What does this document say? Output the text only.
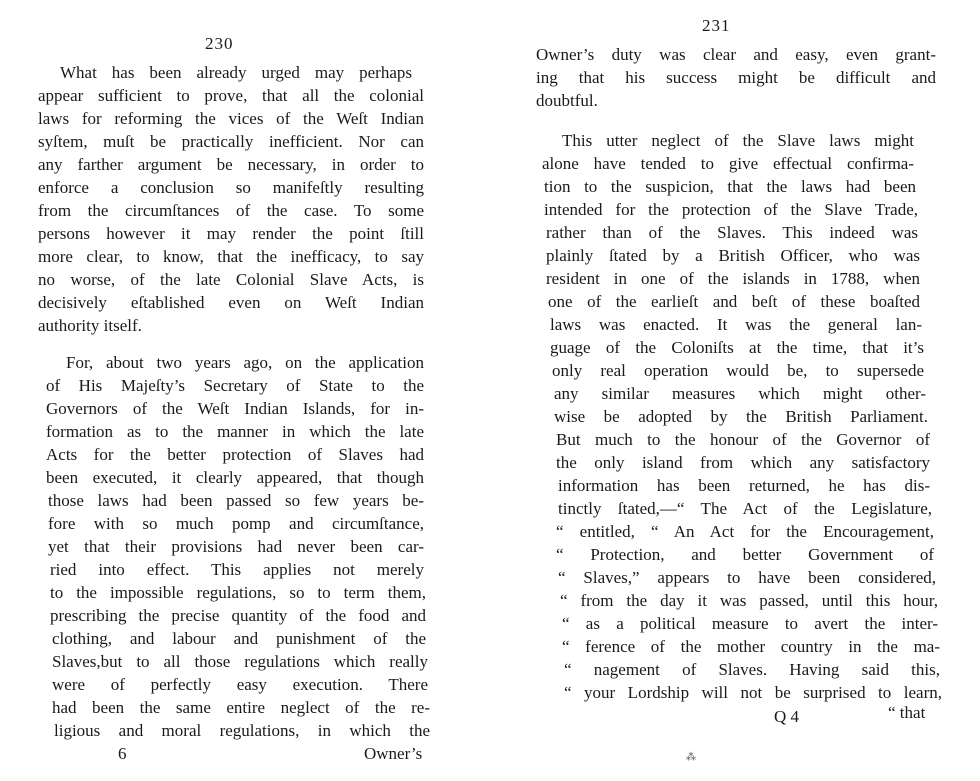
230
What has been already urged may perhaps
appear sufficient to prove, that all the colonial
laws for reforming the vices of the Weſt Indian
syſtem, muſt be practically inefficient. Nor can
any farther argument be necessary, in order to
enforce a conclusion so manifeſtly resulting
from the circumſtances of the case. To some
persons however it may render the point ſtill
more clear, to know, that the inefficacy, to say
no worse, of the late Colonial Slave Acts, is
decisively eſtablished even on Weſt Indian
authority itself.
For, about two years ago, on the application
of His Majeſty’s Secretary of State to the
Governors of the Weſt Indian Islands, for in-
formation as to the manner in which the late
Acts for the better protection of Slaves had
been executed, it clearly appeared, that though
those laws had been passed so few years be-
fore with so much pomp and circumſtance,
yet that their provisions had never been car-
ried into effect. This applies not merely
to the impossible regulations, so to term them,
prescribing the precise quantity of the food and
clothing, and labour and punishment of the
Slaves,but to all those regulations which really
were of perfectly easy execution. There
had been the same entire neglect of the re-
ligious and moral regulations, in which the
6	Owner’s
231
Owner’s duty was clear and easy, even grant-
ing that his success might be difficult and
doubtful.
This utter neglect of the Slave laws might
alone have tended to give effectual confirma-
tion to the suspicion, that the laws had been
intended for the protection of the Slave Trade,
rather than of the Slaves. This indeed was
plainly ſtated by a British Officer, who was
resident in one of the islands in 1788, when
one of the earlieſt and beſt of these boaſted
laws was enacted. It was the general lan-
guage of the Coloniſts at the time, that it’s
only real operation would be, to supersede
any similar measures which might other-
wise be adopted by the British Parliament.
But much to the honour of the Governor of
the only island from which any satisfactory
information has been returned, he has dis-
tinctly ſtated,—“ The Act of the Legislature,
“ entitled, “ An Act for the Encouragement,
“ Protection, and better Government of
“ Slaves,” appears to have been considered,
“ from the day it was passed, until this hour,
“ as a political measure to avert the inter-
“ ference of the mother country in the ma-
“ nagement of Slaves. Having said this,
“ your Lordship will not be surprised to learn,
Q 4	“ that
⁂
